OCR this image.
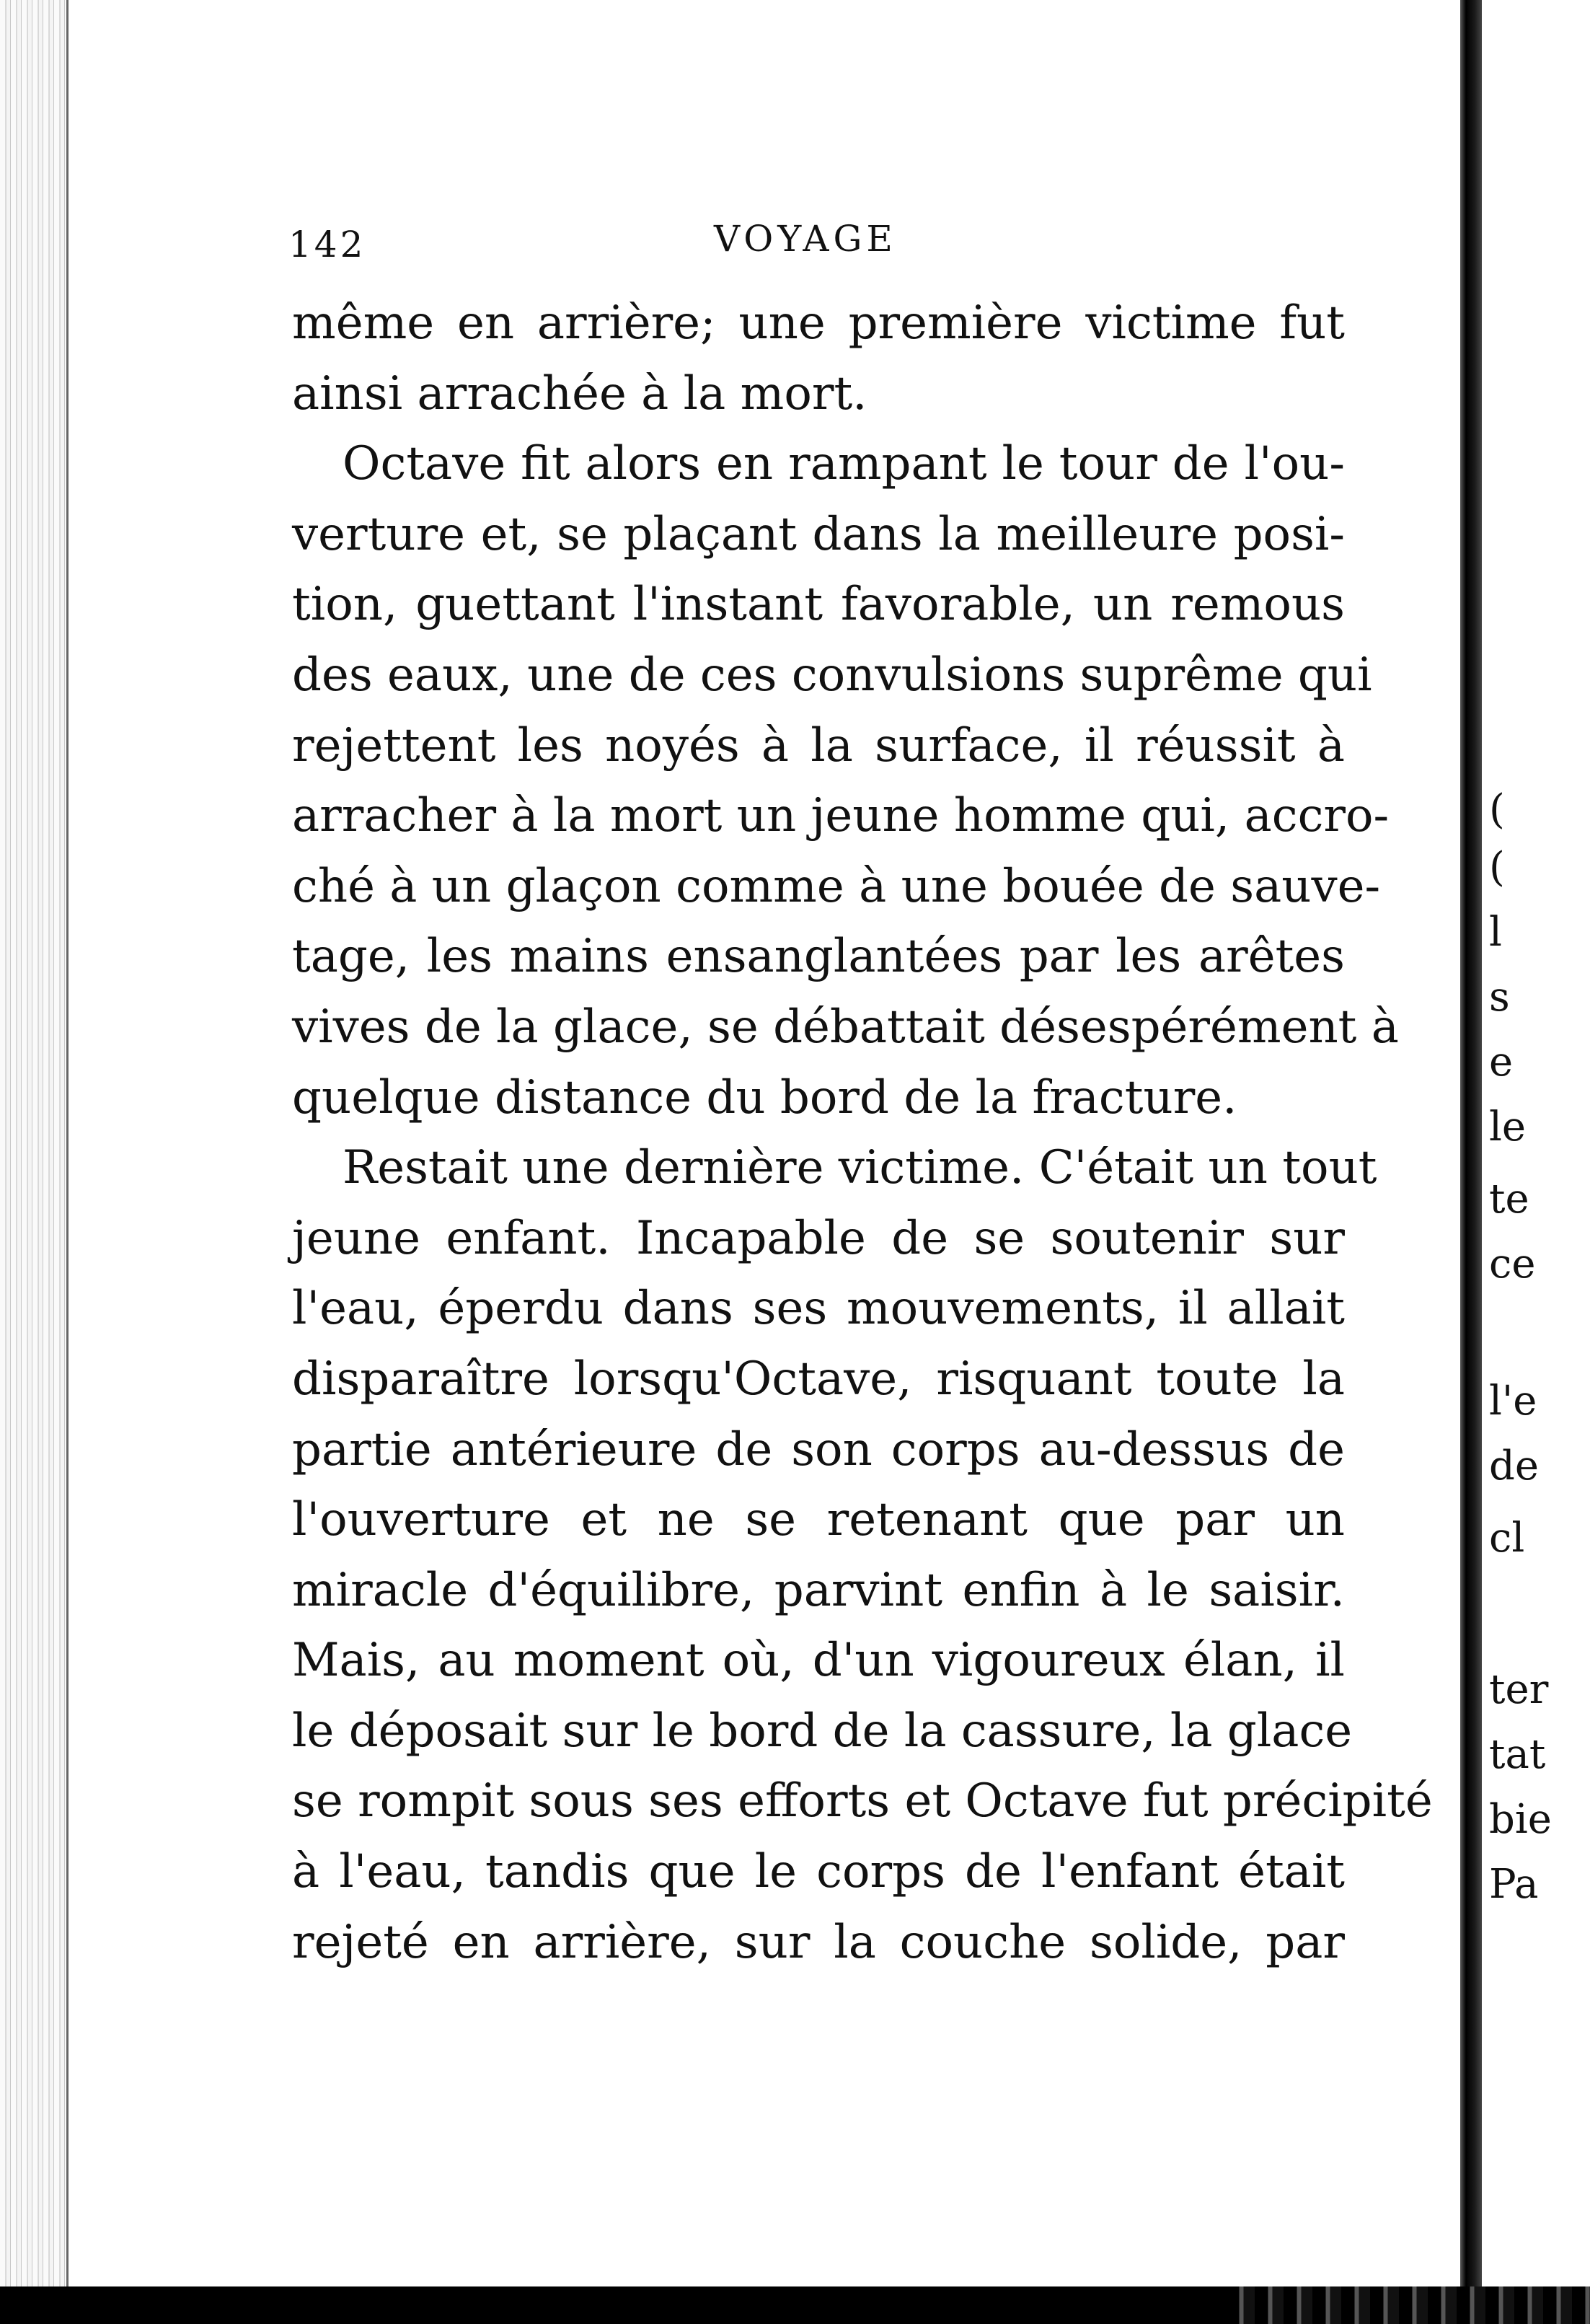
(
(
l
s
e
le
te
ce
l'e
de
cl
ter
tat
bie
Pa
142	VOYAGE
même en arrière; une première victime fut
ainsi arrachée à la mort.
Octave fit alors en rampant le tour de l'ou-
verture et, se plaçant dans la meilleure posi-
tion, guettant l'instant favorable, un remous
des eaux, une de ces convulsions suprême qui
rejettent les noyés à la surface, il réussit à
arracher à la mort un jeune homme qui, accro-
ché à un glaçon comme à une bouée de sauve-
tage, les mains ensanglantées par les arêtes
vives de la glace, se débattait désespérément à
quelque distance du bord de la fracture.
Restait une dernière victime. C'était un tout
jeune enfant. Incapable de se soutenir sur
l'eau, éperdu dans ses mouvements, il allait
disparaître lorsqu'Octave, risquant toute la
partie antérieure de son corps au-dessus de
l'ouverture et ne se retenant que par un
miracle d'équilibre, parvint enfin à le saisir.
Mais, au moment où, d'un vigoureux élan, il
le déposait sur le bord de la cassure, la glace
se rompit sous ses efforts et Octave fut précipité
à l'eau, tandis que le corps de l'enfant était
rejeté en arrière, sur la couche solide, par
